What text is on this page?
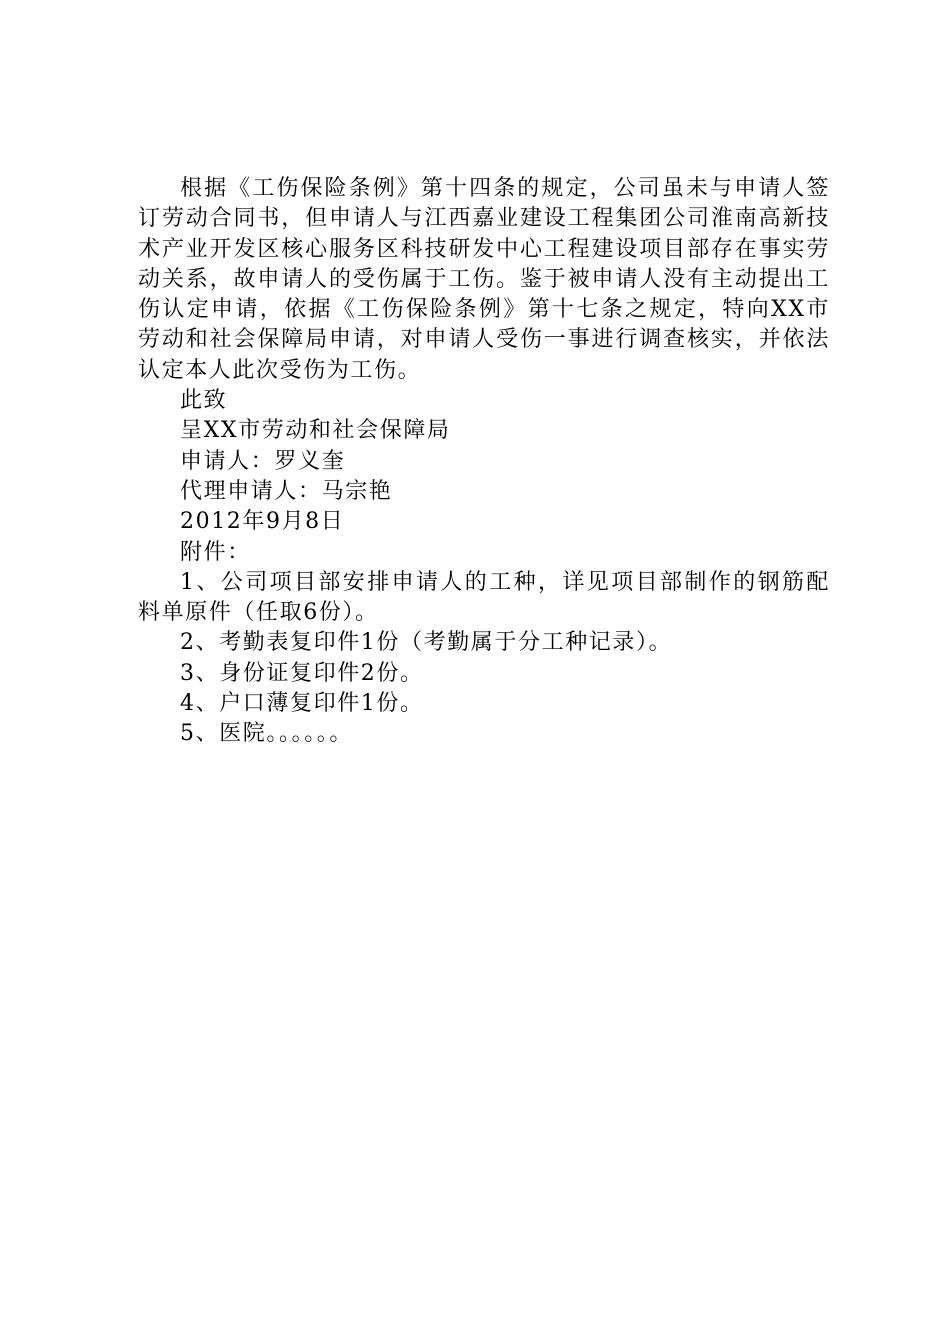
根据《工伤保险条例》第十四条的规定，公司虽未与申请人签订劳动合同书，但申请人与江西嘉业建设工程集团公司淮南高新技术产业开发区核心服务区科技研发中心工程建设项目部存在事实劳动关系，故申请人的受伤属于工伤。鉴于被申请人没有主动提出工伤认定申请，依据《工伤保险条例》第十七条之规定，特向XX市劳动和社会保障局申请，对申请人受伤一事进行调查核实，并依法认定本人此次受伤为工伤。

此致

呈XX市劳动和社会保障局

申请人：罗义奎

代理申请人：马宗艳

2012年9月8日

附件：

1、公司项目部安排申请人的工种，详见项目部制作的钢筋配料单原件（任取6份）。

2、考勤表复印件1份（考勤属于分工种记录）。

3、身份证复印件2份。

4、户口薄复印件1份。

5、医院。。。。。。
